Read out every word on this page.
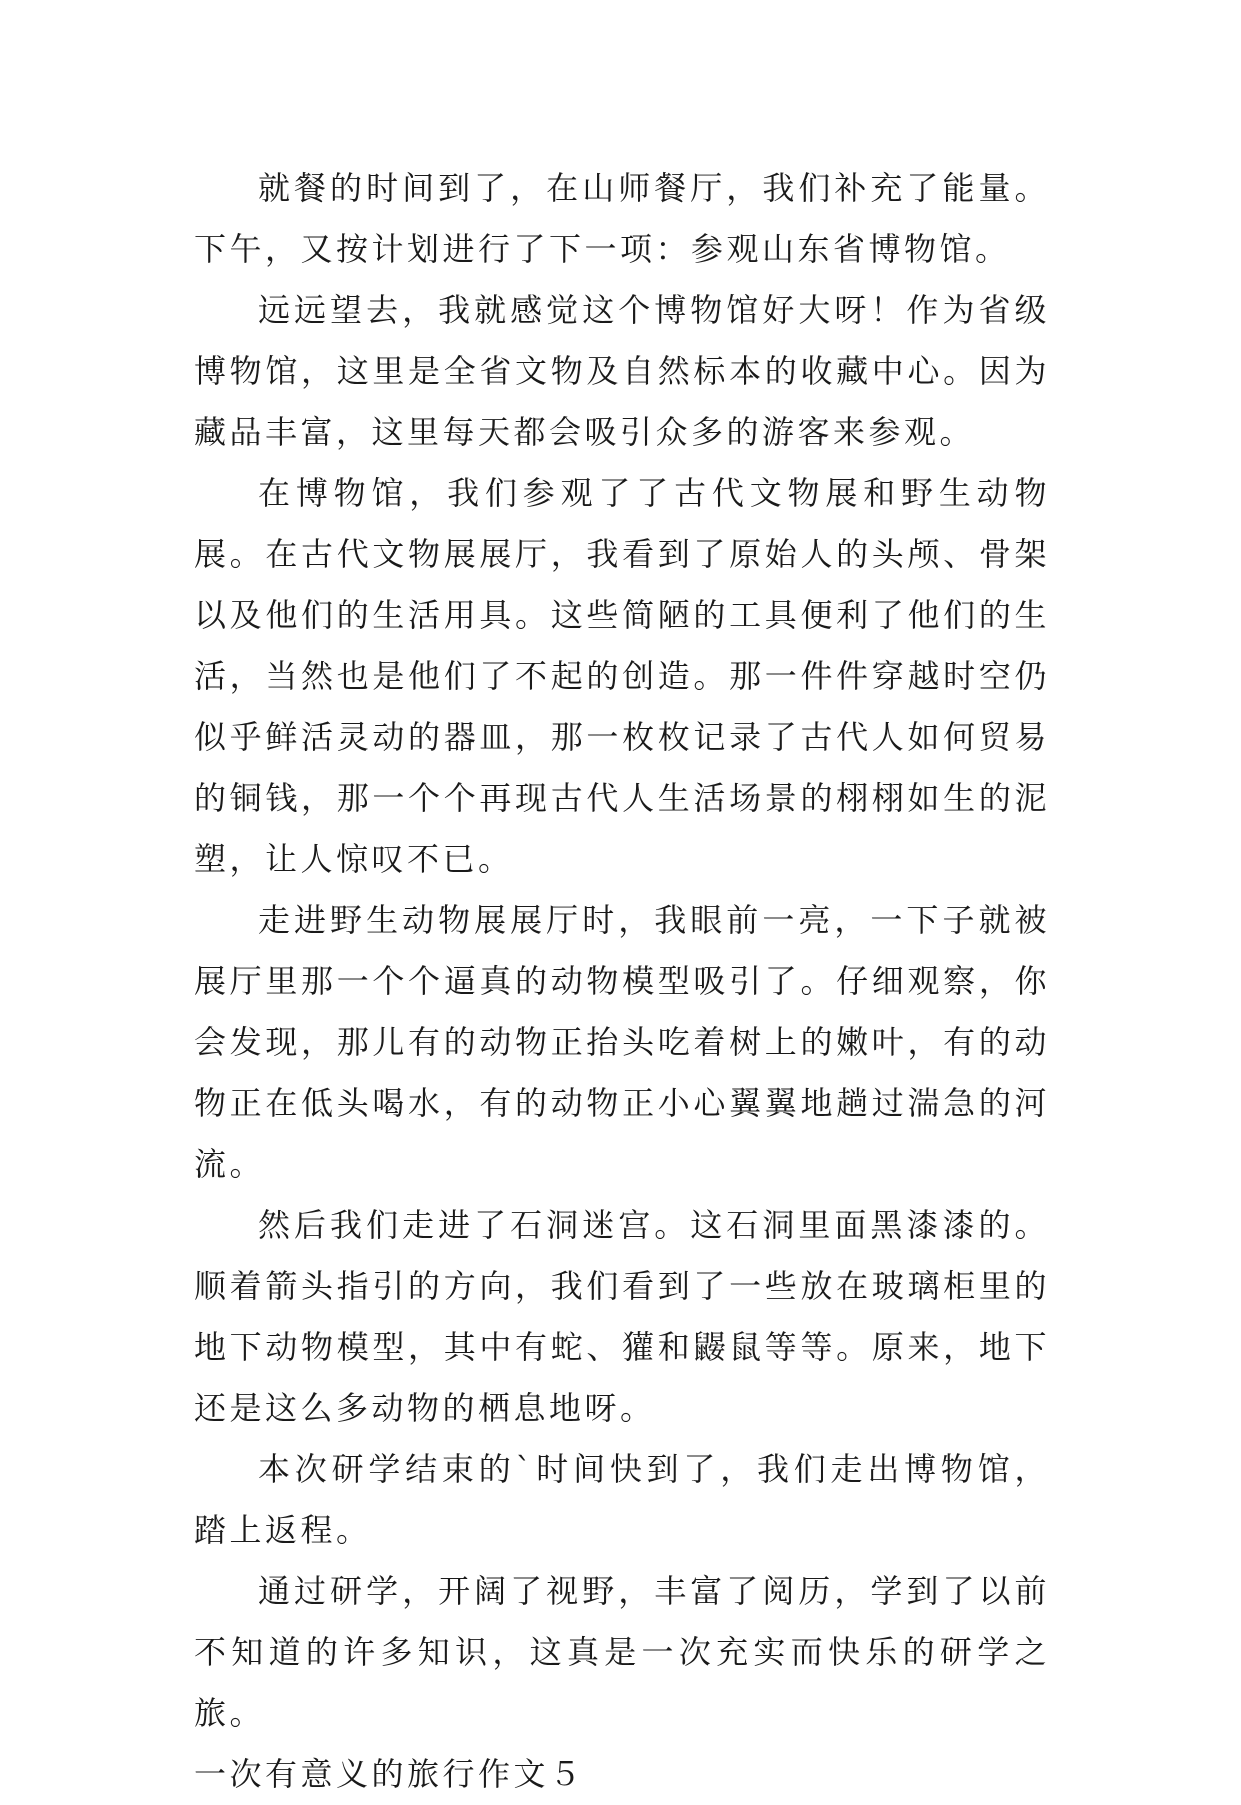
就餐的时间到了，在山师餐厅，我们补充了能量。下午，又按计划进行了下一项：参观山东省博物馆。

远远望去，我就感觉这个博物馆好大呀！作为省级博物馆，这里是全省文物及自然标本的收藏中心。因为藏品丰富，这里每天都会吸引众多的游客来参观。

在博物馆，我们参观了了古代文物展和野生动物展。在古代文物展展厅，我看到了原始人的头颅、骨架以及他们的生活用具。这些简陋的工具便利了他们的生活，当然也是他们了不起的创造。那一件件穿越时空仍似乎鲜活灵动的器皿，那一枚枚记录了古代人如何贸易的铜钱，那一个个再现古代人生活场景的栩栩如生的泥塑，让人惊叹不已。

走进野生动物展展厅时，我眼前一亮，一下子就被展厅里那一个个逼真的动物模型吸引了。仔细观察，你会发现，那儿有的动物正抬头吃着树上的嫩叶，有的动物正在低头喝水，有的动物正小心翼翼地趟过湍急的河流。

然后我们走进了石洞迷宫。这石洞里面黑漆漆的。顺着箭头指引的方向，我们看到了一些放在玻璃柜里的地下动物模型，其中有蛇、獾和鼹鼠等等。原来，地下还是这么多动物的栖息地呀。

本次研学结束的`时间快到了，我们走出博物馆，踏上返程。

通过研学，开阔了视野，丰富了阅历，学到了以前不知道的许多知识，这真是一次充实而快乐的研学之旅。

一次有意义的旅行作文５
